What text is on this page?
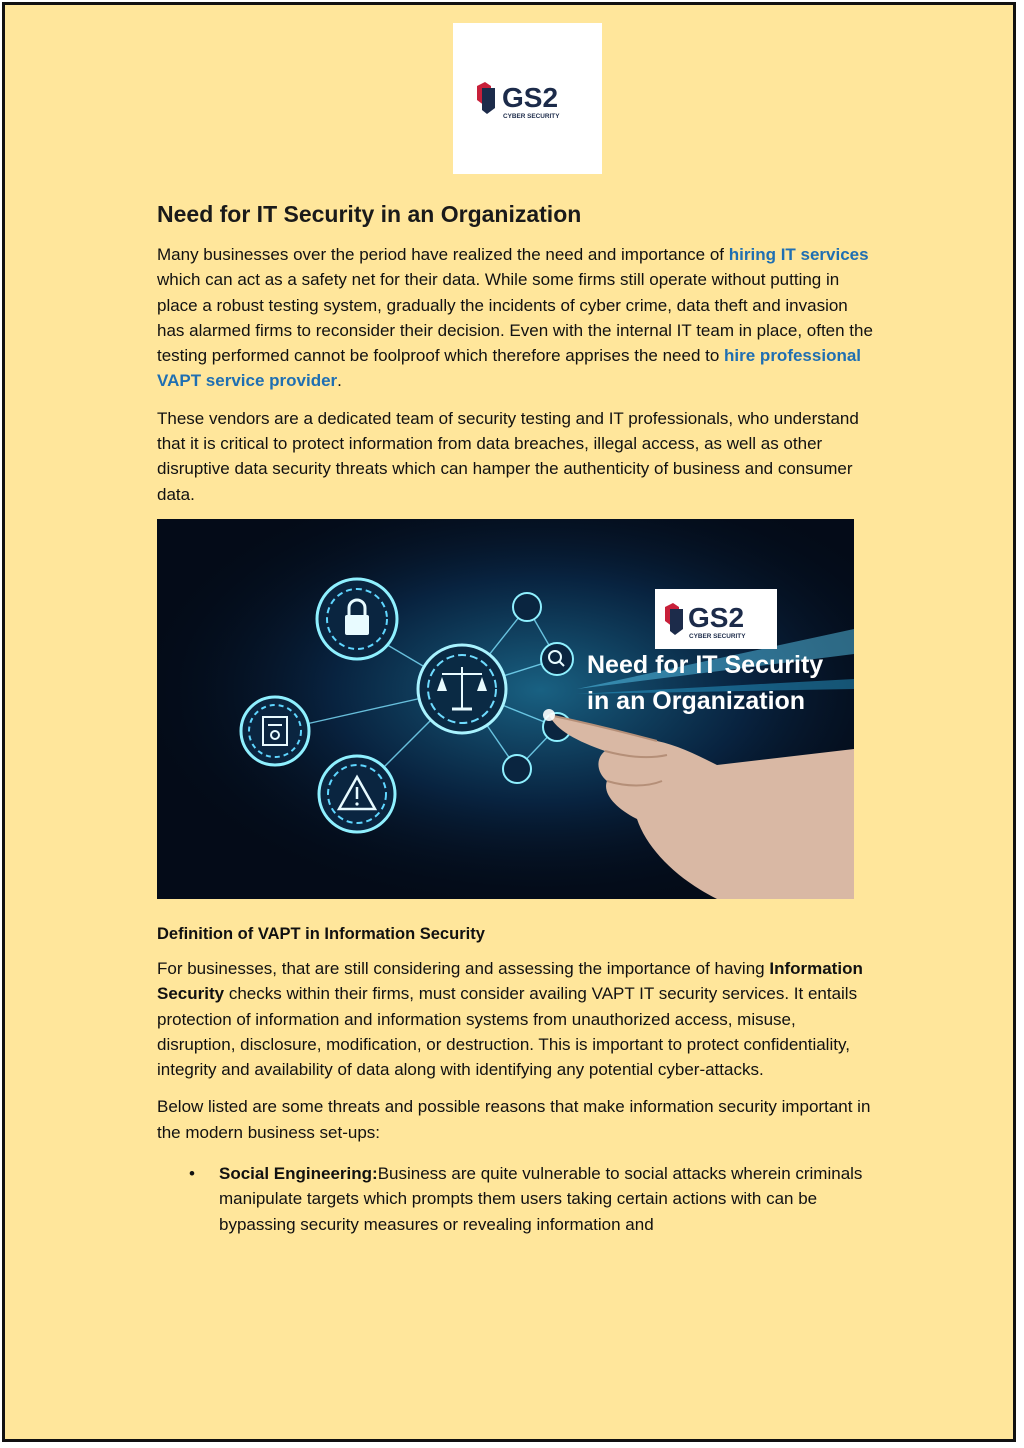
GS2
CYBER SECURITY
Need for IT Security in an Organization

Many businesses over the period have realized the need and importance of hiring IT services which can act as a safety net for their data. While some firms still operate without putting in place a robust testing system, gradually the incidents of cyber crime, data theft and invasion has alarmed firms to reconsider their decision. Even with the internal IT team in place, often the testing performed cannot be foolproof which therefore apprises the need to hire professional VAPT service provider.

These vendors are a dedicated team of security testing and IT professionals, who understand that it is critical to protect information from data breaches, illegal access, as well as other disruptive data security threats which can hamper the authenticity of business and consumer data.

GS2
CYBER SECURITY
Need for IT Security in an Organization
Definition of VAPT in Information Security

For businesses, that are still considering and assessing the importance of having Information Security checks within their firms, must consider availing VAPT IT security services. It entails protection of information and information systems from unauthorized access, misuse, disruption, disclosure, modification, or destruction. This is important to protect confidentiality, integrity and availability of data along with identifying any potential cyber-attacks.

Below listed are some threats and possible reasons that make information security important in the modern business set-ups:

• Social Engineering:Business are quite vulnerable to social attacks wherein criminals manipulate targets which prompts them users taking certain actions with can be bypassing security measures or revealing information and
